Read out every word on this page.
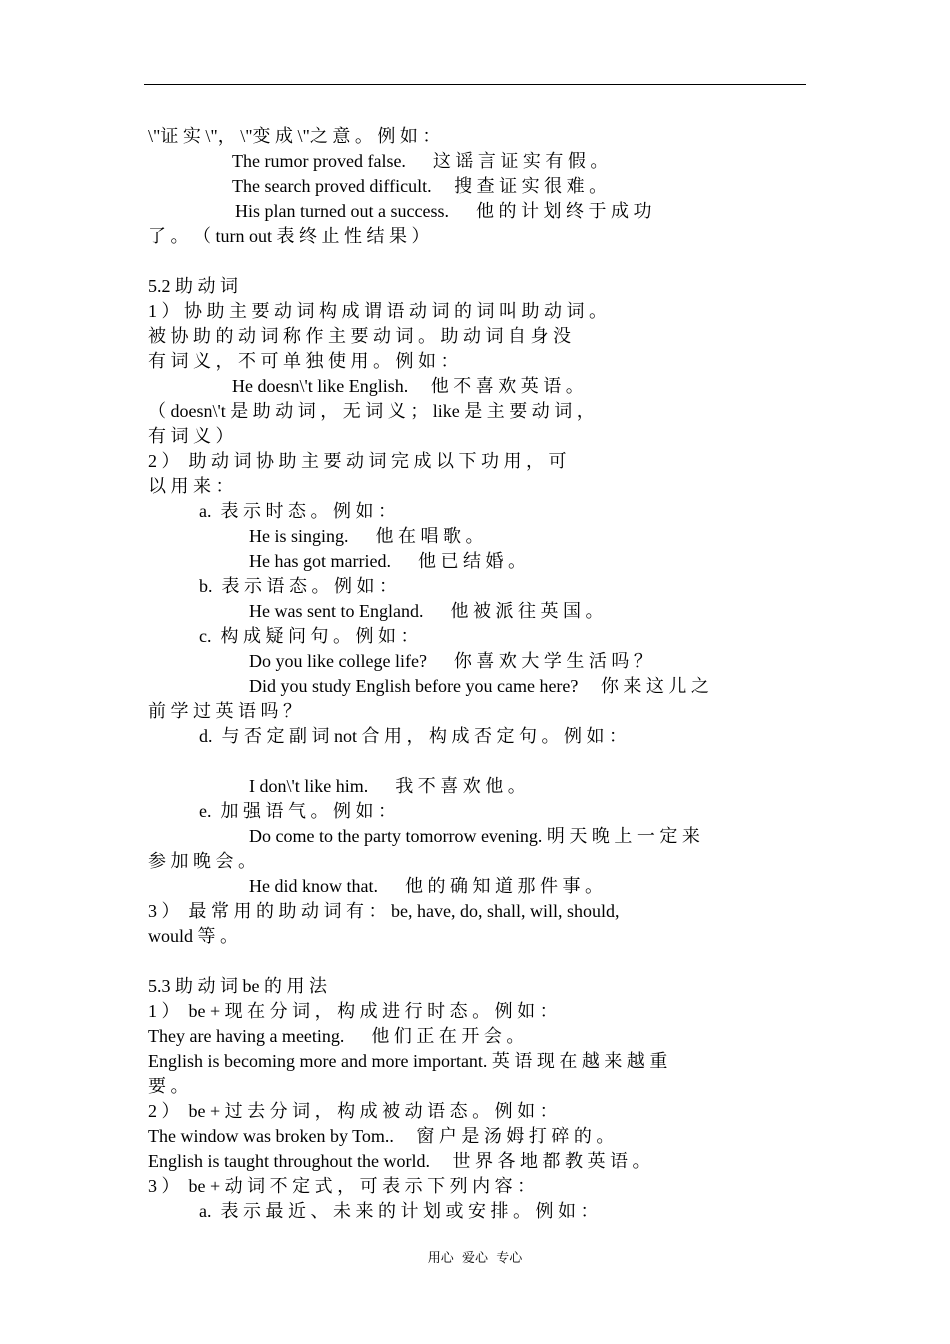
\"证 实 \"， \"变 成 \"之 意 。 例 如 ：
The rumor proved false.      这 谣 言 证 实 有 假 。
The search proved difficult.     搜 查 证 实 很 难 。
His plan turned out a success.      他 的 计 划 终 于 成 功
了 。 （ turn out 表 终 止 性 结 果 ）
5.2 助 动 词
1 ） 协 助 主 要 动 词 构 成 谓 语 动 词 的 词 叫 助 动 词 。
被 协 助 的 动 词 称 作 主 要 动 词 。 助 动 词 自 身 没
有 词 义 ， 不 可 单 独 使 用 。 例 如 ：
He doesn\'t like English.     他 不 喜 欢 英 语 。
（ doesn\'t 是 助 动 词 ， 无 词 义 ； like 是 主 要 动 词 ，
有 词 义 ）
2 ）  助 动 词 协 助 主 要 动 词 完 成 以 下 功 用 ， 可
以 用 来 ：
a.  表 示 时 态 。 例 如 ：
He is singing.      他 在 唱 歌 。
He has got married.      他 已 结 婚 。
b.  表 示 语 态 。 例 如 ：
He was sent to England.      他 被 派 往 英 国 。
c.  构 成 疑 问 句 。 例 如 ：
Do you like college life?      你 喜 欢 大 学 生 活 吗 ？
Did you study English before you came here?     你 来 这 儿 之
前 学 过 英 语 吗 ？
d.  与 否 定 副 词 not 合 用 ， 构 成 否 定 句 。 例 如 ：
I don\'t like him.      我 不 喜 欢 他 。
e.  加 强 语 气 。 例 如 ：
Do come to the party tomorrow evening. 明 天 晚 上 一 定 来
参 加 晚 会 。
He did know that.      他 的 确 知 道 那 件 事 。
3 ）  最 常 用 的 助 动 词 有 ： be, have, do, shall, will, should,
would 等 。
5.3 助 动 词 be 的 用 法
1 ）  be + 现 在 分 词 ， 构 成 进 行 时 态 。 例 如 ：
They are having a meeting.      他 们 正 在 开 会 。
English is becoming more and more important. 英 语 现 在 越 来 越 重
要 。
2 ）  be + 过 去 分 词 ， 构 成 被 动 语 态 。 例 如 ：
The window was broken by Tom..     窗 户 是 汤 姆 打 碎 的 。
English is taught throughout the world.     世 界 各 地 都 教 英 语 。
3 ）  be + 动 词 不 定 式 ， 可 表 示 下 列 内 容 ：
a.  表 示 最 近 、 未 来 的 计 划 或 安 排 。 例 如 ：
用心  爱心  专心
